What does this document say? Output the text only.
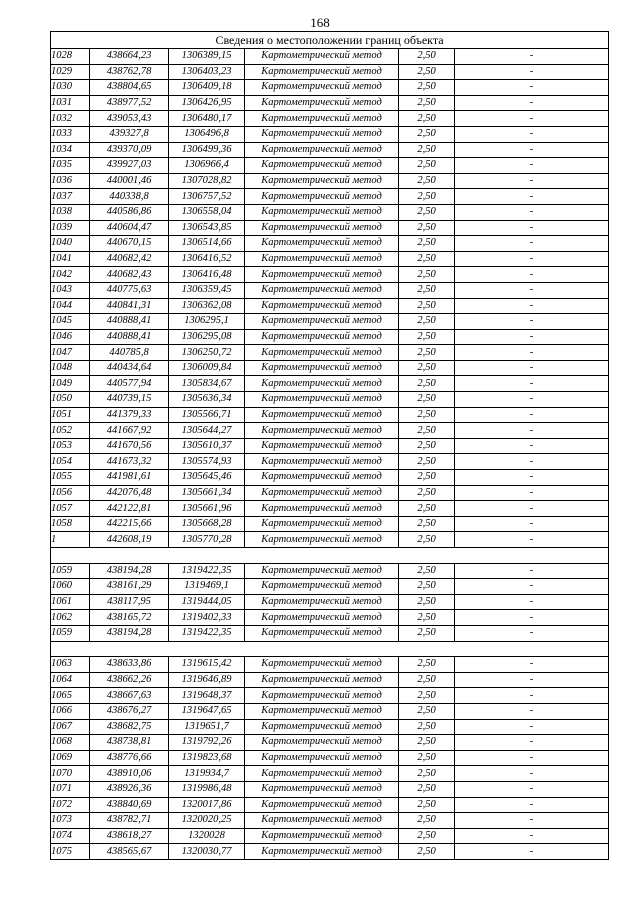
168
Сведения о местоположении границ объекта					
1028	438664,23	1306389,15	Картометрический метод	2,50	-
1029	438762,78	1306403,23	Картометрический метод	2,50	-
1030	438804,65	1306409,18	Картометрический метод	2,50	-
1031	438977,52	1306426,95	Картометрический метод	2,50	-
1032	439053,43	1306480,17	Картометрический метод	2,50	-
1033	439327,8	1306496,8	Картометрический метод	2,50	-
1034	439370,09	1306499,36	Картометрический метод	2,50	-
1035	439927,03	1306966,4	Картометрический метод	2,50	-
1036	440001,46	1307028,82	Картометрический метод	2,50	-
1037	440338,8	1306757,52	Картометрический метод	2,50	-
1038	440586,86	1306558,04	Картометрический метод	2,50	-
1039	440604,47	1306543,85	Картометрический метод	2,50	-
1040	440670,15	1306514,66	Картометрический метод	2,50	-
1041	440682,42	1306416,52	Картометрический метод	2,50	-
1042	440682,43	1306416,48	Картометрический метод	2,50	-
1043	440775,63	1306359,45	Картометрический метод	2,50	-
1044	440841,31	1306362,08	Картометрический метод	2,50	-
1045	440888,41	1306295,1	Картометрический метод	2,50	-
1046	440888,41	1306295,08	Картометрический метод	2,50	-
1047	440785,8	1306250,72	Картометрический метод	2,50	-
1048	440434,64	1306009,84	Картометрический метод	2,50	-
1049	440577,94	1305834,67	Картометрический метод	2,50	-
1050	440739,15	1305636,34	Картометрический метод	2,50	-
1051	441379,33	1305566,71	Картометрический метод	2,50	-
1052	441667,92	1305644,27	Картометрический метод	2,50	-
1053	441670,56	1305610,37	Картометрический метод	2,50	-
1054	441673,32	1305574,93	Картометрический метод	2,50	-
1055	441981,61	1305645,46	Картометрический метод	2,50	-
1056	442076,48	1305661,34	Картометрический метод	2,50	-
1057	442122,81	1305661,96	Картометрический метод	2,50	-
1058	442215,66	1305668,28	Картометрический метод	2,50	-
1	442608,19	1305770,28	Картометрический метод	2,50	-

1059	438194,28	1319422,35	Картометрический метод	2,50	-
1060	438161,29	1319469,1	Картометрический метод	2,50	-
1061	438117,95	1319444,05	Картометрический метод	2,50	-
1062	438165,72	1319402,33	Картометрический метод	2,50	-
1059	438194,28	1319422,35	Картометрический метод	2,50	-

1063	438633,86	1319615,42	Картометрический метод	2,50	-
1064	438662,26	1319646,89	Картометрический метод	2,50	-
1065	438667,63	1319648,37	Картометрический метод	2,50	-
1066	438676,27	1319647,65	Картометрический метод	2,50	-
1067	438682,75	1319651,7	Картометрический метод	2,50	-
1068	438738,81	1319792,26	Картометрический метод	2,50	-
1069	438776,66	1319823,68	Картометрический метод	2,50	-
1070	438910,06	1319934,7	Картометрический метод	2,50	-
1071	438926,36	1319986,48	Картометрический метод	2,50	-
1072	438840,69	1320017,86	Картометрический метод	2,50	-
1073	438782,71	1320020,25	Картометрический метод	2,50	-
1074	438618,27	1320028	Картометрический метод	2,50	-
1075	438565,67	1320030,77	Картометрический метод	2,50	-
